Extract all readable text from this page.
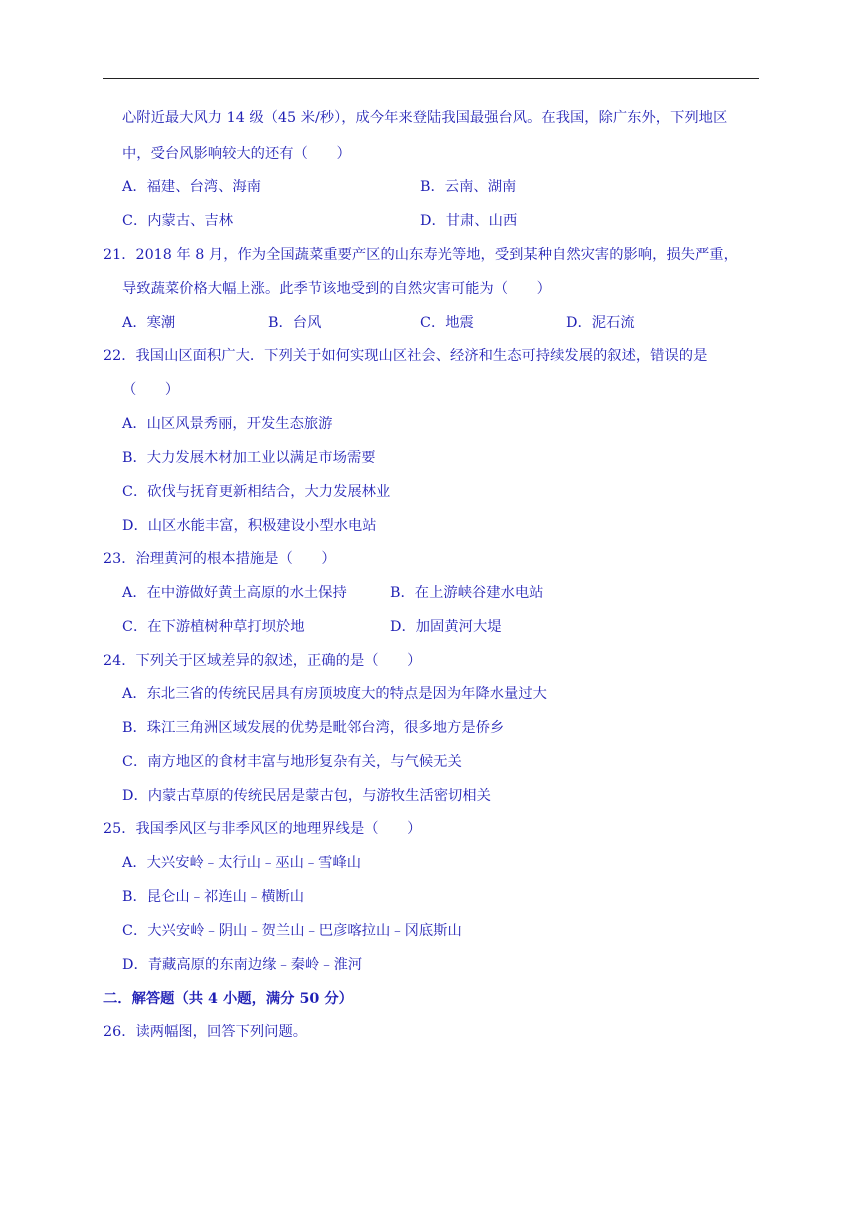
心附近最大风力 14 级（45 米/秒），成今年来登陆我国最强台风。在我国，除广东外，下列地区
中，受台风影响较大的还有（　　）
A．福建、台湾、海南	B．云南、湖南
C．内蒙古、吉林	D．甘肃、山西
21．2018 年 8 月，作为全国蔬菜重要产区的山东寿光等地，受到某种自然灾害的影响，损失严重，
导致蔬菜价格大幅上涨。此季节该地受到的自然灾害可能为（　　）
A．寒潮	B．台风	C．地震	D．泥石流
22．我国山区面积广大．下列关于如何实现山区社会、经济和生态可持续发展的叙述，错误的是
（　　）
A．山区风景秀丽，开发生态旅游
B．大力发展木材加工业以满足市场需要
C．砍伐与抚育更新相结合，大力发展林业
D．山区水能丰富，积极建设小型水电站
23．治理黄河的根本措施是（　　）
A．在中游做好黄土高原的水土保持	B．在上游峡谷建水电站
C．在下游植树种草打坝於地	D．加固黄河大堤
24．下列关于区域差异的叙述，正确的是（　　）
A．东北三省的传统民居具有房顶坡度大的特点是因为年降水量过大
B．珠江三角洲区域发展的优势是毗邻台湾，很多地方是侨乡
C．南方地区的食材丰富与地形复杂有关，与气候无关
D．内蒙古草原的传统民居是蒙古包，与游牧生活密切相关
25．我国季风区与非季风区的地理界线是（　　）
A．大兴安岭﹣太行山﹣巫山﹣雪峰山
B．昆仑山﹣祁连山﹣横断山
C．大兴安岭﹣阴山﹣贺兰山﹣巴彦喀拉山﹣冈底斯山
D．青藏高原的东南边缘﹣秦岭﹣淮河
二．解答题（共 4 小题，满分 50 分）
26．读两幅图，回答下列问题。
